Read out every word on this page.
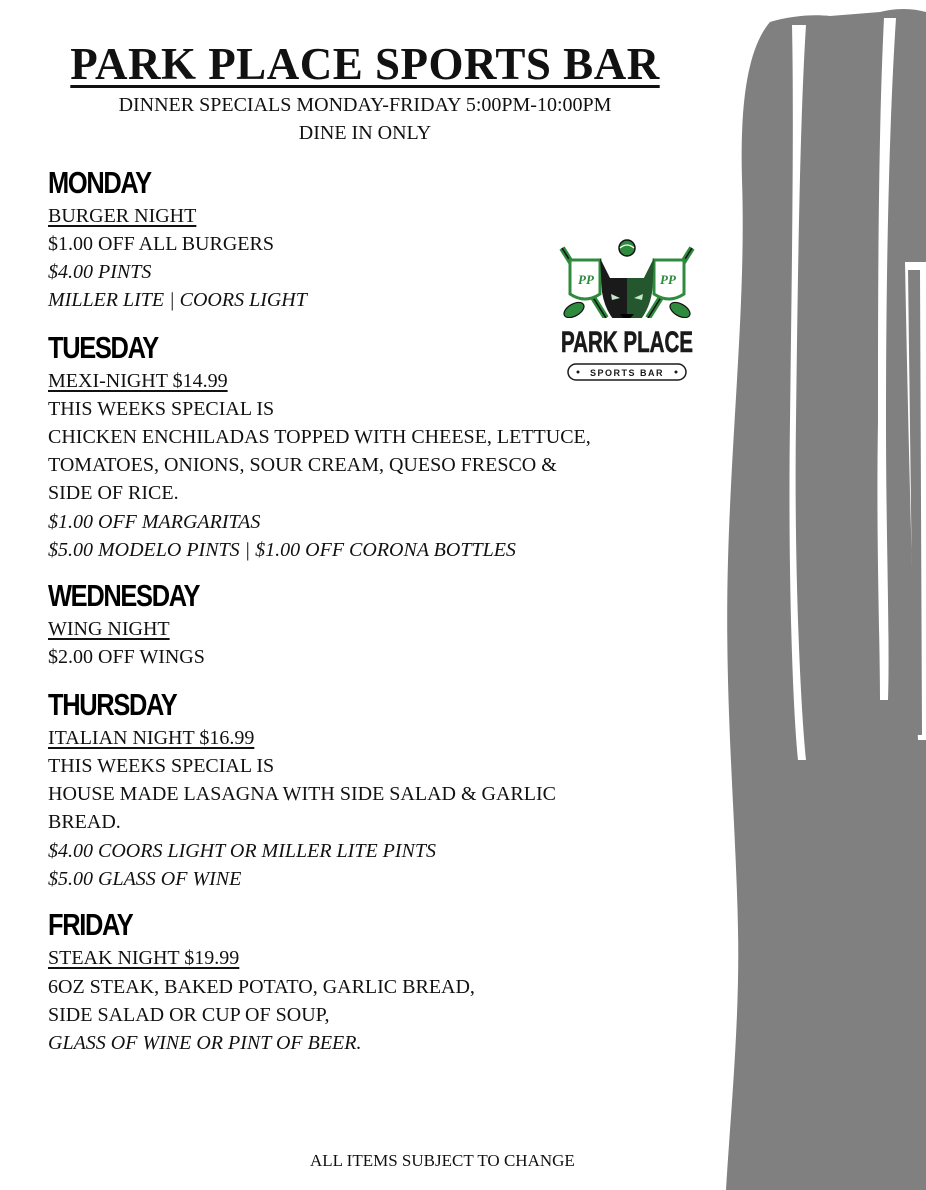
PARK PLACE SPORTS BAR
DINNER SPECIALS MONDAY-FRIDAY 5:00PM-10:00PM
DINE IN ONLY
PP	PP
PARK PLACE
SPORTS BAR
MONDAY
BURGER NIGHT
$1.00 OFF ALL BURGERS
$4.00 PINTS
MILLER LITE | COORS LIGHT
TUESDAY
MEXI-NIGHT $14.99
THIS WEEKS SPECIAL IS
CHICKEN ENCHILADAS TOPPED WITH CHEESE, LETTUCE,
TOMATOES, ONIONS, SOUR CREAM, QUESO FRESCO &
SIDE OF RICE.
$1.00 OFF MARGARITAS
$5.00 MODELO PINTS | $1.00 OFF CORONA BOTTLES
WEDNESDAY
WING NIGHT
$2.00 OFF WINGS
THURSDAY
ITALIAN NIGHT $16.99
THIS WEEKS SPECIAL IS
HOUSE MADE LASAGNA WITH SIDE SALAD & GARLIC
BREAD.
$4.00 COORS LIGHT OR MILLER LITE PINTS
$5.00 GLASS OF WINE
FRIDAY
STEAK NIGHT $19.99
6OZ STEAK, BAKED POTATO, GARLIC BREAD,
SIDE SALAD OR CUP OF SOUP,
GLASS OF WINE OR PINT OF BEER.
ALL ITEMS SUBJECT TO CHANGE
